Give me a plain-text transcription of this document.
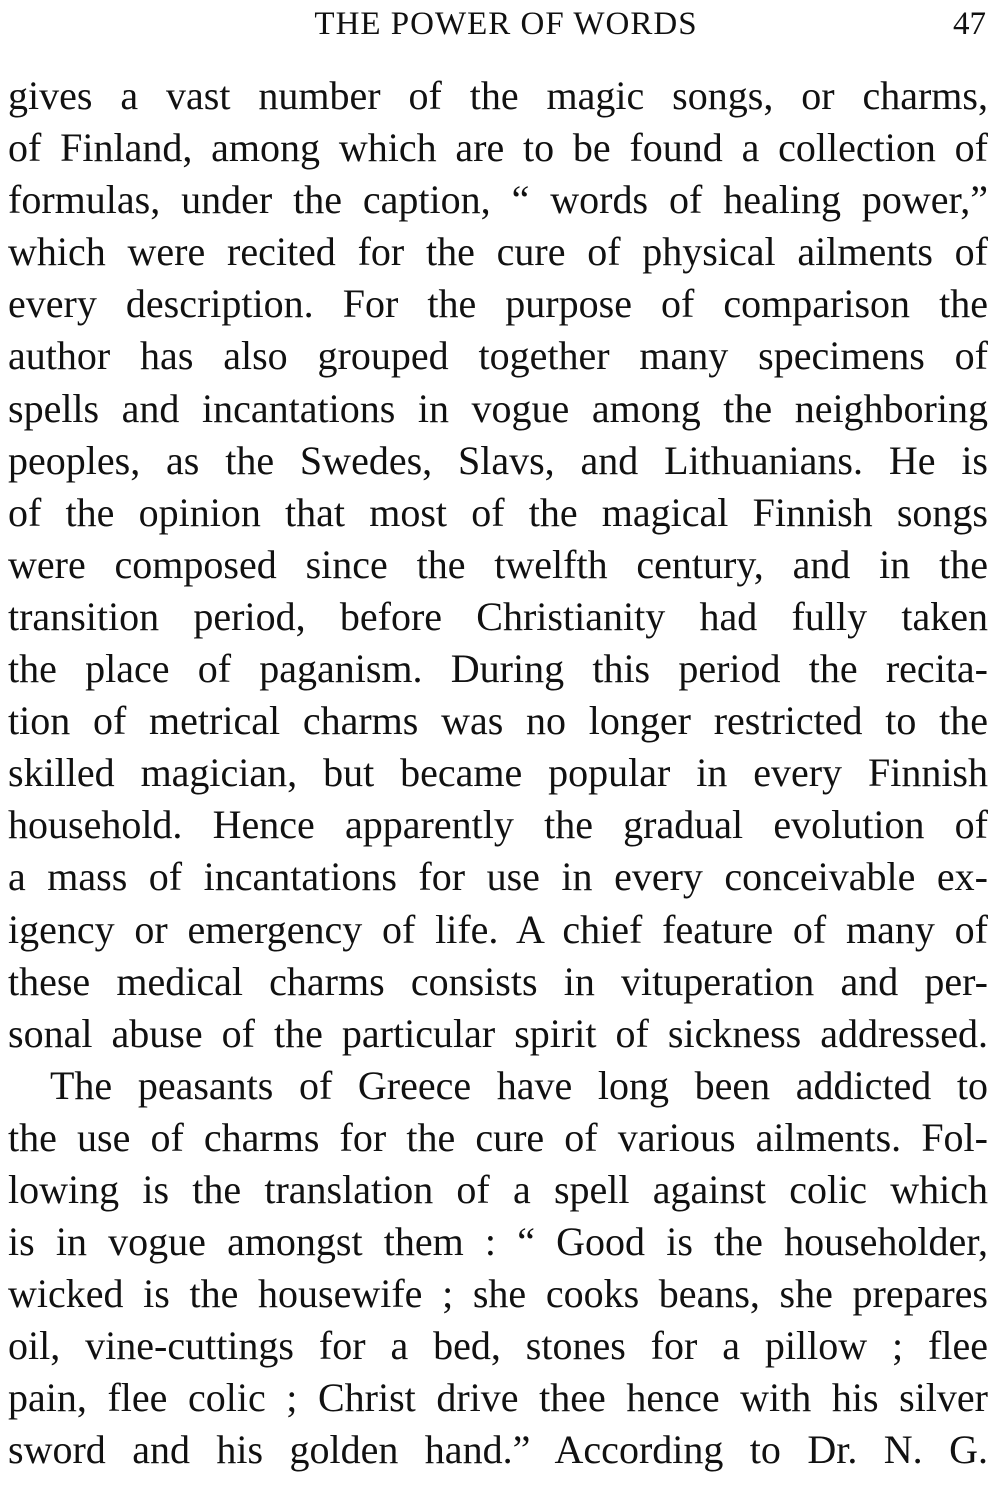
THE POWER OF WORDS	47
gives a vast number of the magic songs, or charms,
of Finland, among which are to be found a collection of
formulas, under the caption, “ words of healing power,”
which were recited for the cure of physical ailments of
every description. For the purpose of comparison the
author has also grouped together many specimens of
spells and incantations in vogue among the neighboring
peoples, as the Swedes, Slavs, and Lithuanians. He is
of the opinion that most of the magical Finnish songs
were composed since the twelfth century, and in the
transition period, before Christianity had fully taken
the place of paganism. During this period the recita-
tion of metrical charms was no longer restricted to the
skilled magician, but became popular in every Finnish
household. Hence apparently the gradual evolution of
a mass of incantations for use in every conceivable ex-
igency or emergency of life. A chief feature of many of
these medical charms consists in vituperation and per-
sonal abuse of the particular spirit of sickness addressed.
The peasants of Greece have long been addicted to
the use of charms for the cure of various ailments. Fol-
lowing is the translation of a spell against colic which
is in vogue amongst them : “ Good is the householder,
wicked is the housewife ; she cooks beans, she prepares
oil, vine-cuttings for a bed, stones for a pillow ; flee
pain, flee colic ; Christ drive thee hence with his silver
sword and his golden hand.” According to Dr. N. G.
